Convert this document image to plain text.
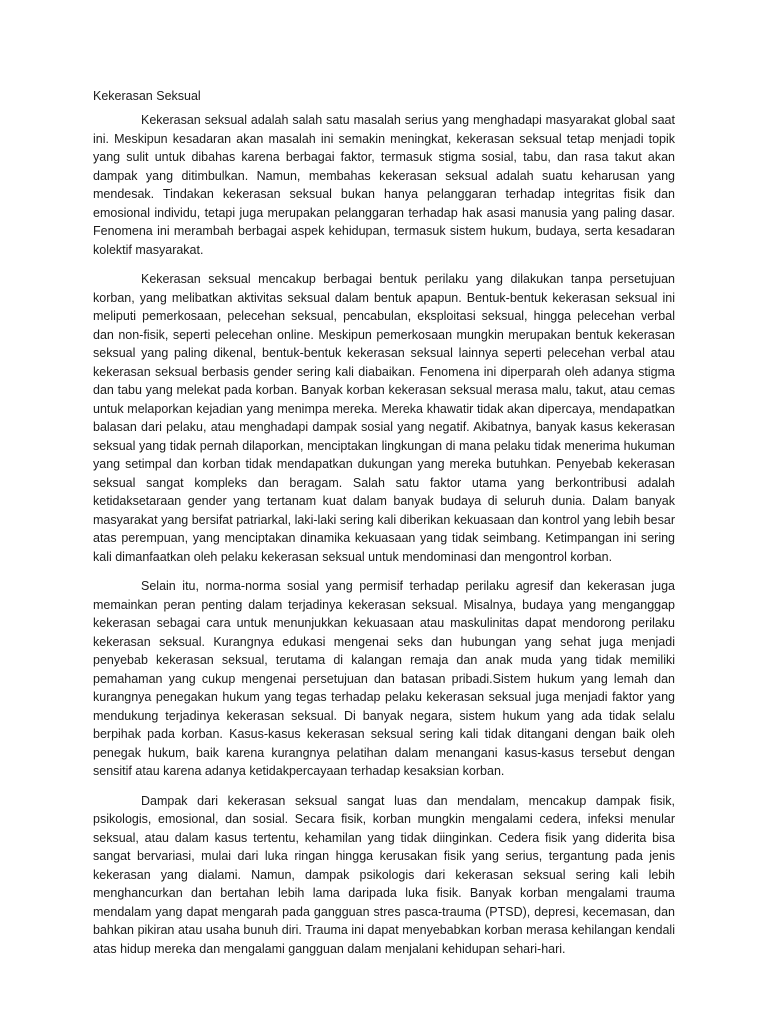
Kekerasan Seksual

Kekerasan seksual adalah salah satu masalah serius yang menghadapi masyarakat global saat ini. Meskipun kesadaran akan masalah ini semakin meningkat, kekerasan seksual tetap menjadi topik yang sulit untuk dibahas karena berbagai faktor, termasuk stigma sosial, tabu, dan rasa takut akan dampak yang ditimbulkan. Namun, membahas kekerasan seksual adalah suatu keharusan yang mendesak. Tindakan kekerasan seksual bukan hanya pelanggaran terhadap integritas fisik dan emosional individu, tetapi juga merupakan pelanggaran terhadap hak asasi manusia yang paling dasar. Fenomena ini merambah berbagai aspek kehidupan, termasuk sistem hukum, budaya, serta kesadaran kolektif masyarakat.

Kekerasan seksual mencakup berbagai bentuk perilaku yang dilakukan tanpa persetujuan korban, yang melibatkan aktivitas seksual dalam bentuk apapun. Bentuk-bentuk kekerasan seksual ini meliputi pemerkosaan, pelecehan seksual, pencabulan, eksploitasi seksual, hingga pelecehan verbal dan non-fisik, seperti pelecehan online. Meskipun pemerkosaan mungkin merupakan bentuk kekerasan seksual yang paling dikenal, bentuk-bentuk kekerasan seksual lainnya seperti pelecehan verbal atau kekerasan seksual berbasis gender sering kali diabaikan. Fenomena ini diperparah oleh adanya stigma dan tabu yang melekat pada korban. Banyak korban kekerasan seksual merasa malu, takut, atau cemas untuk melaporkan kejadian yang menimpa mereka. Mereka khawatir tidak akan dipercaya, mendapatkan balasan dari pelaku, atau menghadapi dampak sosial yang negatif. Akibatnya, banyak kasus kekerasan seksual yang tidak pernah dilaporkan, menciptakan lingkungan di mana pelaku tidak menerima hukuman yang setimpal dan korban tidak mendapatkan dukungan yang mereka butuhkan. Penyebab kekerasan seksual sangat kompleks dan beragam. Salah satu faktor utama yang berkontribusi adalah ketidaksetaraan gender yang tertanam kuat dalam banyak budaya di seluruh dunia. Dalam banyak masyarakat yang bersifat patriarkal, laki-laki sering kali diberikan kekuasaan dan kontrol yang lebih besar atas perempuan, yang menciptakan dinamika kekuasaan yang tidak seimbang. Ketimpangan ini sering kali dimanfaatkan oleh pelaku kekerasan seksual untuk mendominasi dan mengontrol korban.

Selain itu, norma-norma sosial yang permisif terhadap perilaku agresif dan kekerasan juga memainkan peran penting dalam terjadinya kekerasan seksual. Misalnya, budaya yang menganggap kekerasan sebagai cara untuk menunjukkan kekuasaan atau maskulinitas dapat mendorong perilaku kekerasan seksual. Kurangnya edukasi mengenai seks dan hubungan yang sehat juga menjadi penyebab kekerasan seksual, terutama di kalangan remaja dan anak muda yang tidak memiliki pemahaman yang cukup mengenai persetujuan dan batasan pribadi.Sistem hukum yang lemah dan kurangnya penegakan hukum yang tegas terhadap pelaku kekerasan seksual juga menjadi faktor yang mendukung terjadinya kekerasan seksual. Di banyak negara, sistem hukum yang ada tidak selalu berpihak pada korban. Kasus-kasus kekerasan seksual sering kali tidak ditangani dengan baik oleh penegak hukum, baik karena kurangnya pelatihan dalam menangani kasus-kasus tersebut dengan sensitif atau karena adanya ketidakpercayaan terhadap kesaksian korban.

Dampak dari kekerasan seksual sangat luas dan mendalam, mencakup dampak fisik, psikologis, emosional, dan sosial. Secara fisik, korban mungkin mengalami cedera, infeksi menular seksual, atau dalam kasus tertentu, kehamilan yang tidak diinginkan. Cedera fisik yang diderita bisa sangat bervariasi, mulai dari luka ringan hingga kerusakan fisik yang serius, tergantung pada jenis kekerasan yang dialami. Namun, dampak psikologis dari kekerasan seksual sering kali lebih menghancurkan dan bertahan lebih lama daripada luka fisik. Banyak korban mengalami trauma mendalam yang dapat mengarah pada gangguan stres pasca-trauma (PTSD), depresi, kecemasan, dan bahkan pikiran atau usaha bunuh diri. Trauma ini dapat menyebabkan korban merasa kehilangan kendali atas hidup mereka dan mengalami gangguan dalam menjalani kehidupan sehari-hari.
